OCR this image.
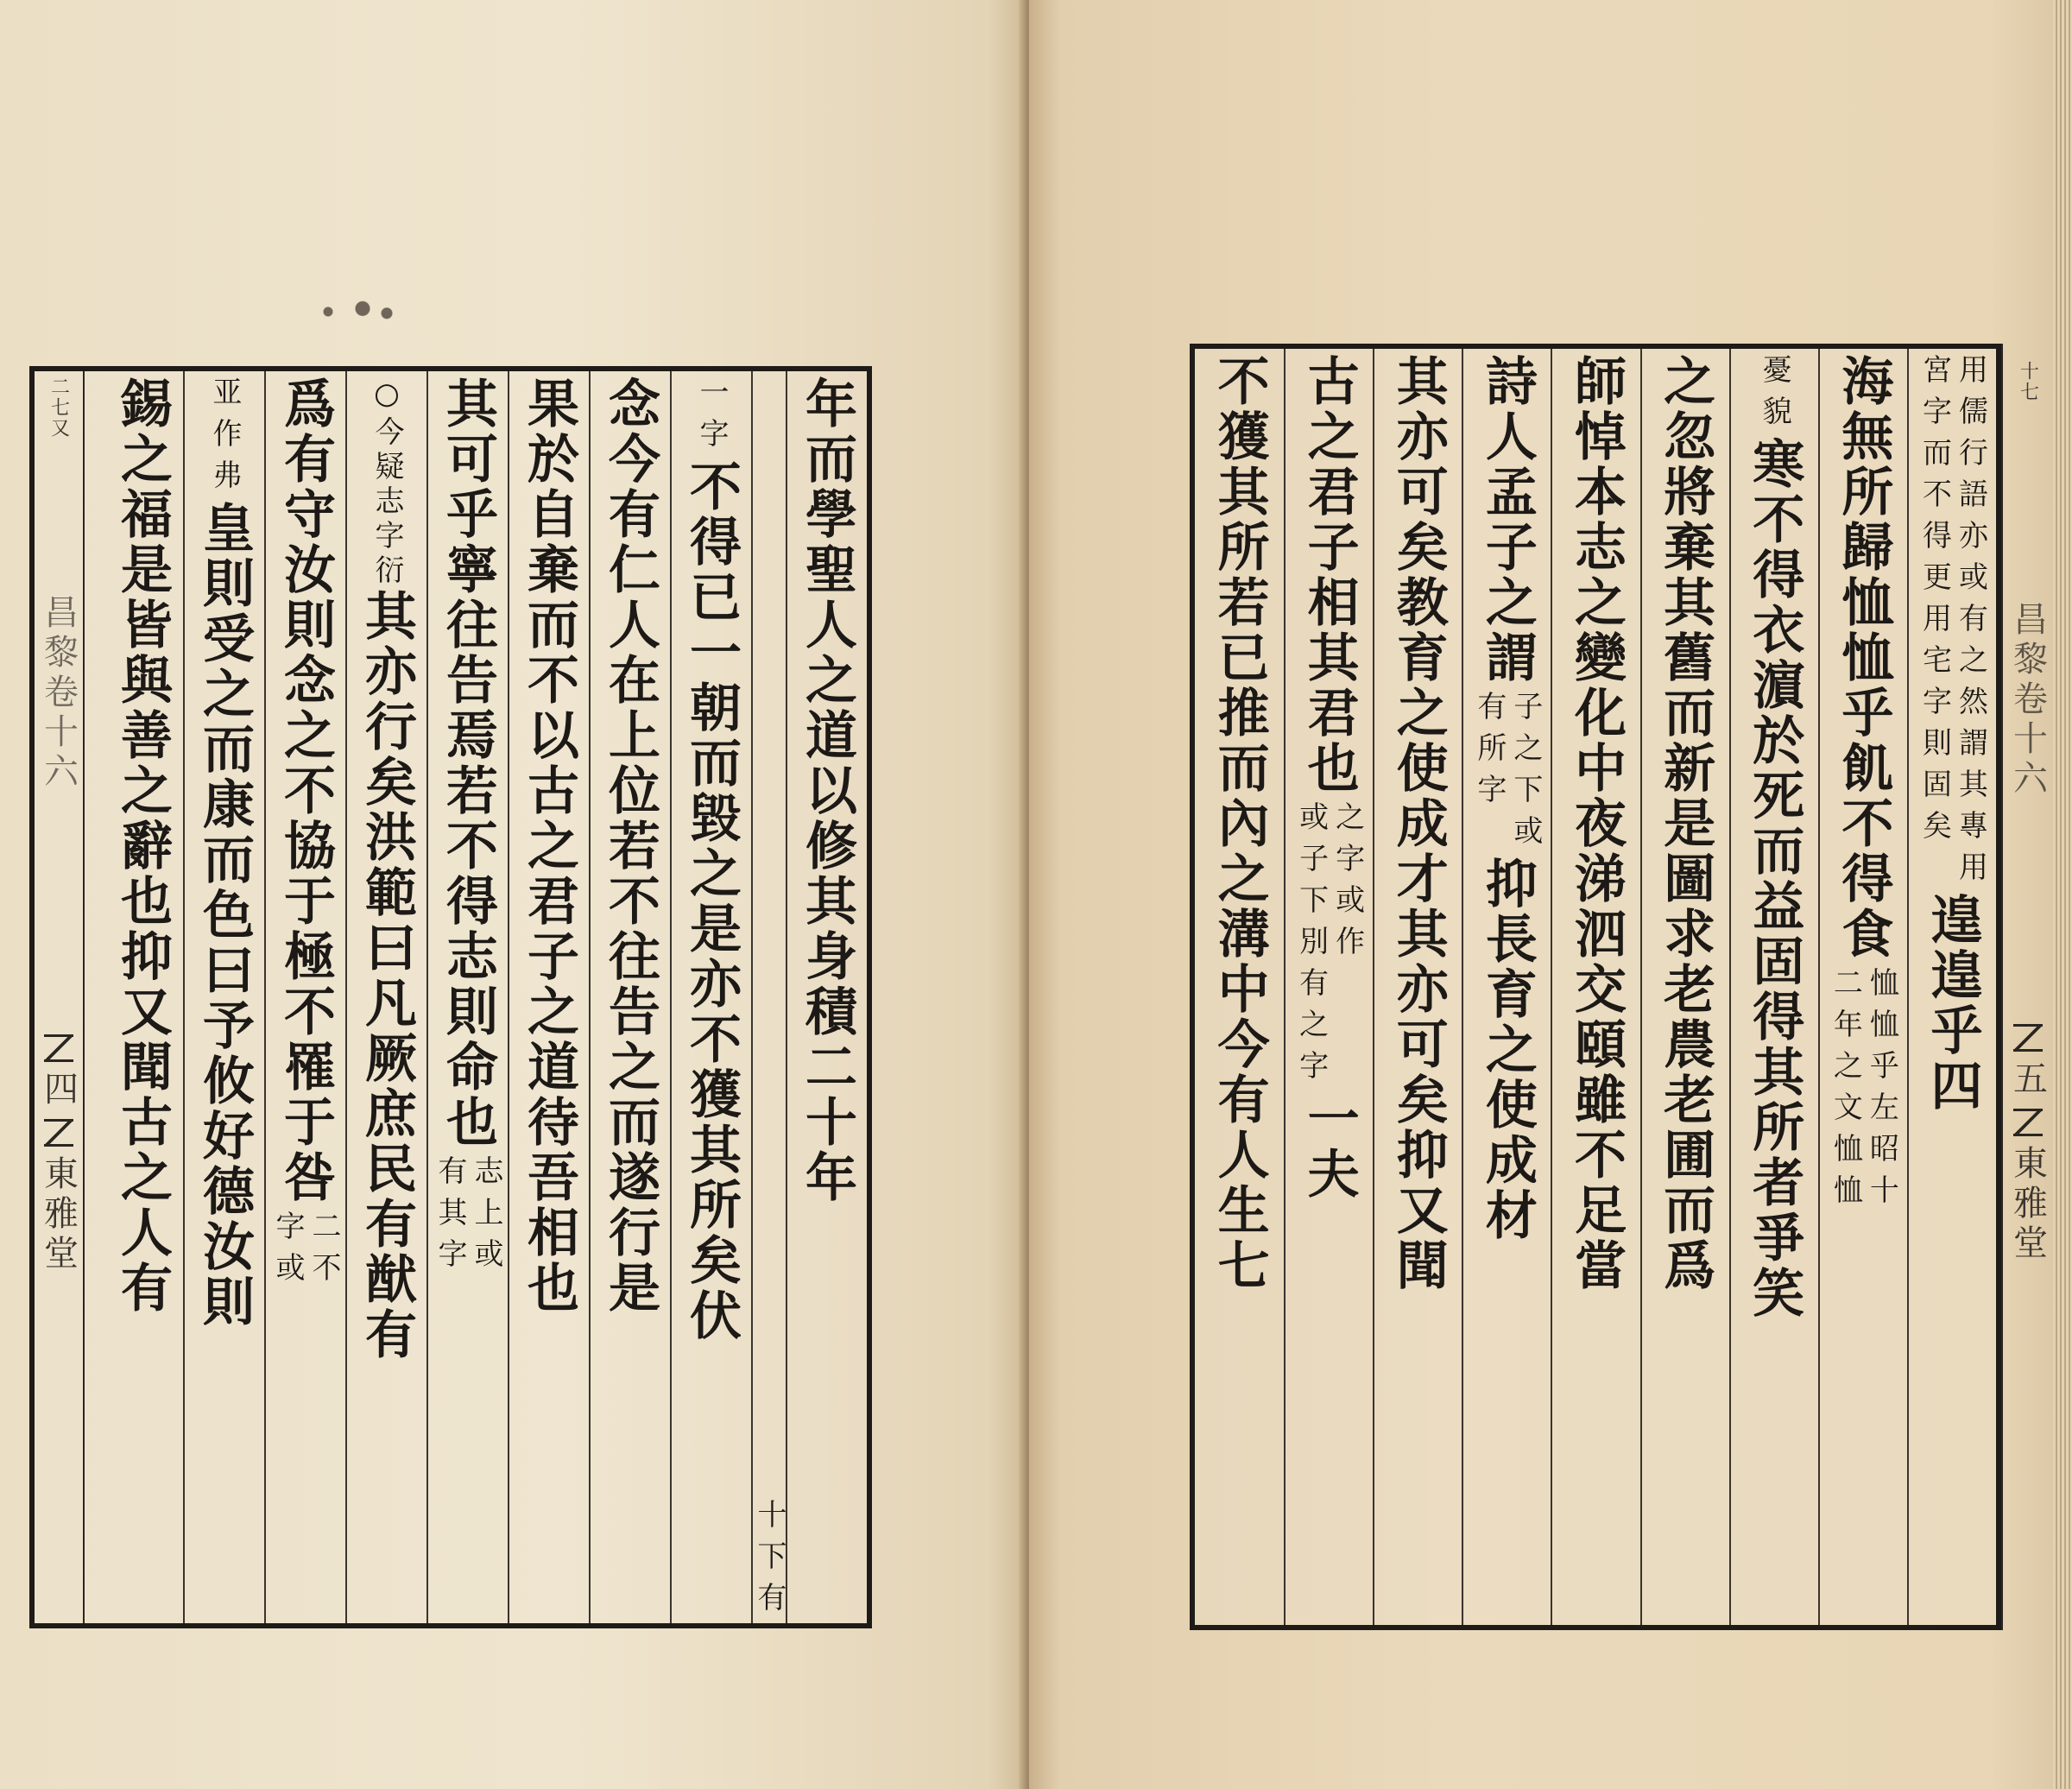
二七又
昌黎卷十六
四
東雅堂
年而學聖人之道以修其身積二十年
十下有
一字
不得已一朝而毀之是亦不獲其所矣伏
念今有仁人在上位若不往告之而遂行是
果於自棄而不以古之君子之道待吾相也
其可乎寧往告焉若不得志則命也
志上或
有其字
○今疑志字衍
其亦行矣洪範曰凡厥庶民有猷有
爲有守汝則念之不協于極不罹于咎
二不
字或
亚作弗
皇則受之而康而色曰予攸好德汝則
錫之福是皆與善之辭也抑又聞古之人有	用儒行語亦或有之然謂其專用
宮字而不得更用宅字則固矣
遑遑乎四
海無所歸恤恤乎飢不得食
恤恤乎左昭十
二年之文恤恤
憂貌
寒不得衣濵於死而益固得其所者爭笑
之忽將棄其舊而新是圖求老農老圃而爲
師悼本志之變化中夜涕泗交頤雖不足當
詩人孟子之謂
子之下或
有所字
抑長育之使成材
其亦可矣教育之使成才其亦可矣抑又聞
古之君子相其君也
之字或作
或子下別有之字
一夫
不獲其所若已推而內之溝中今有人生七	十七
昌黎卷十六
五
東雅堂
